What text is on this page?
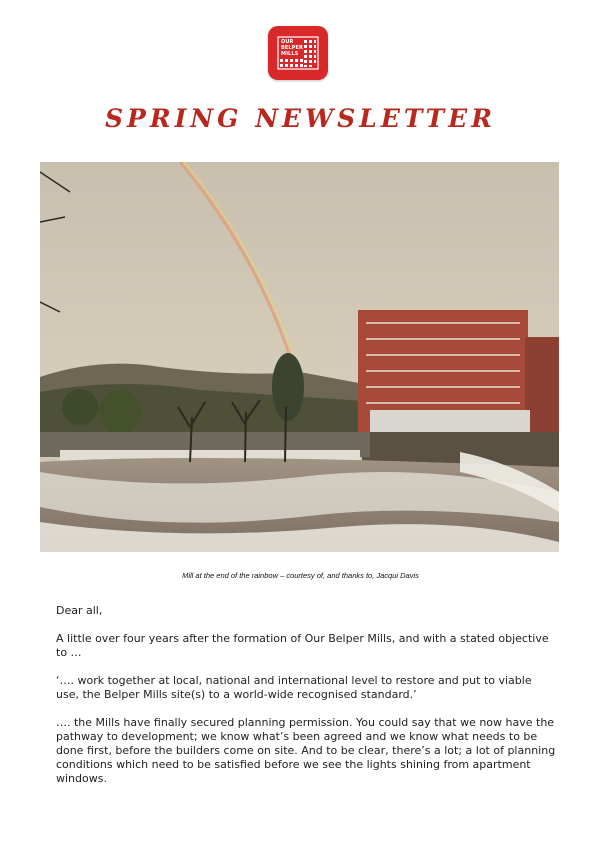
OUR
BELPER
MILLS
SPRING NEWSLETTER
Mill at the end of the rainbow – courtesy of, and thanks to, Jacqui Davis

Dear all,

A little over four years after the formation of Our Belper Mills, and with a stated objective to …

‘…. work together at local, national and international level to restore and put to viable use, the Belper Mills site(s) to a world-wide recognised standard.’

…. the Mills have finally secured planning permission. You could say that we now have the pathway to development; we know what’s been agreed and we know what needs to be done first, before the builders come on site. And to be clear, there’s a lot; a lot of planning conditions which need to be satisfied before we see the lights shining from apartment windows.
